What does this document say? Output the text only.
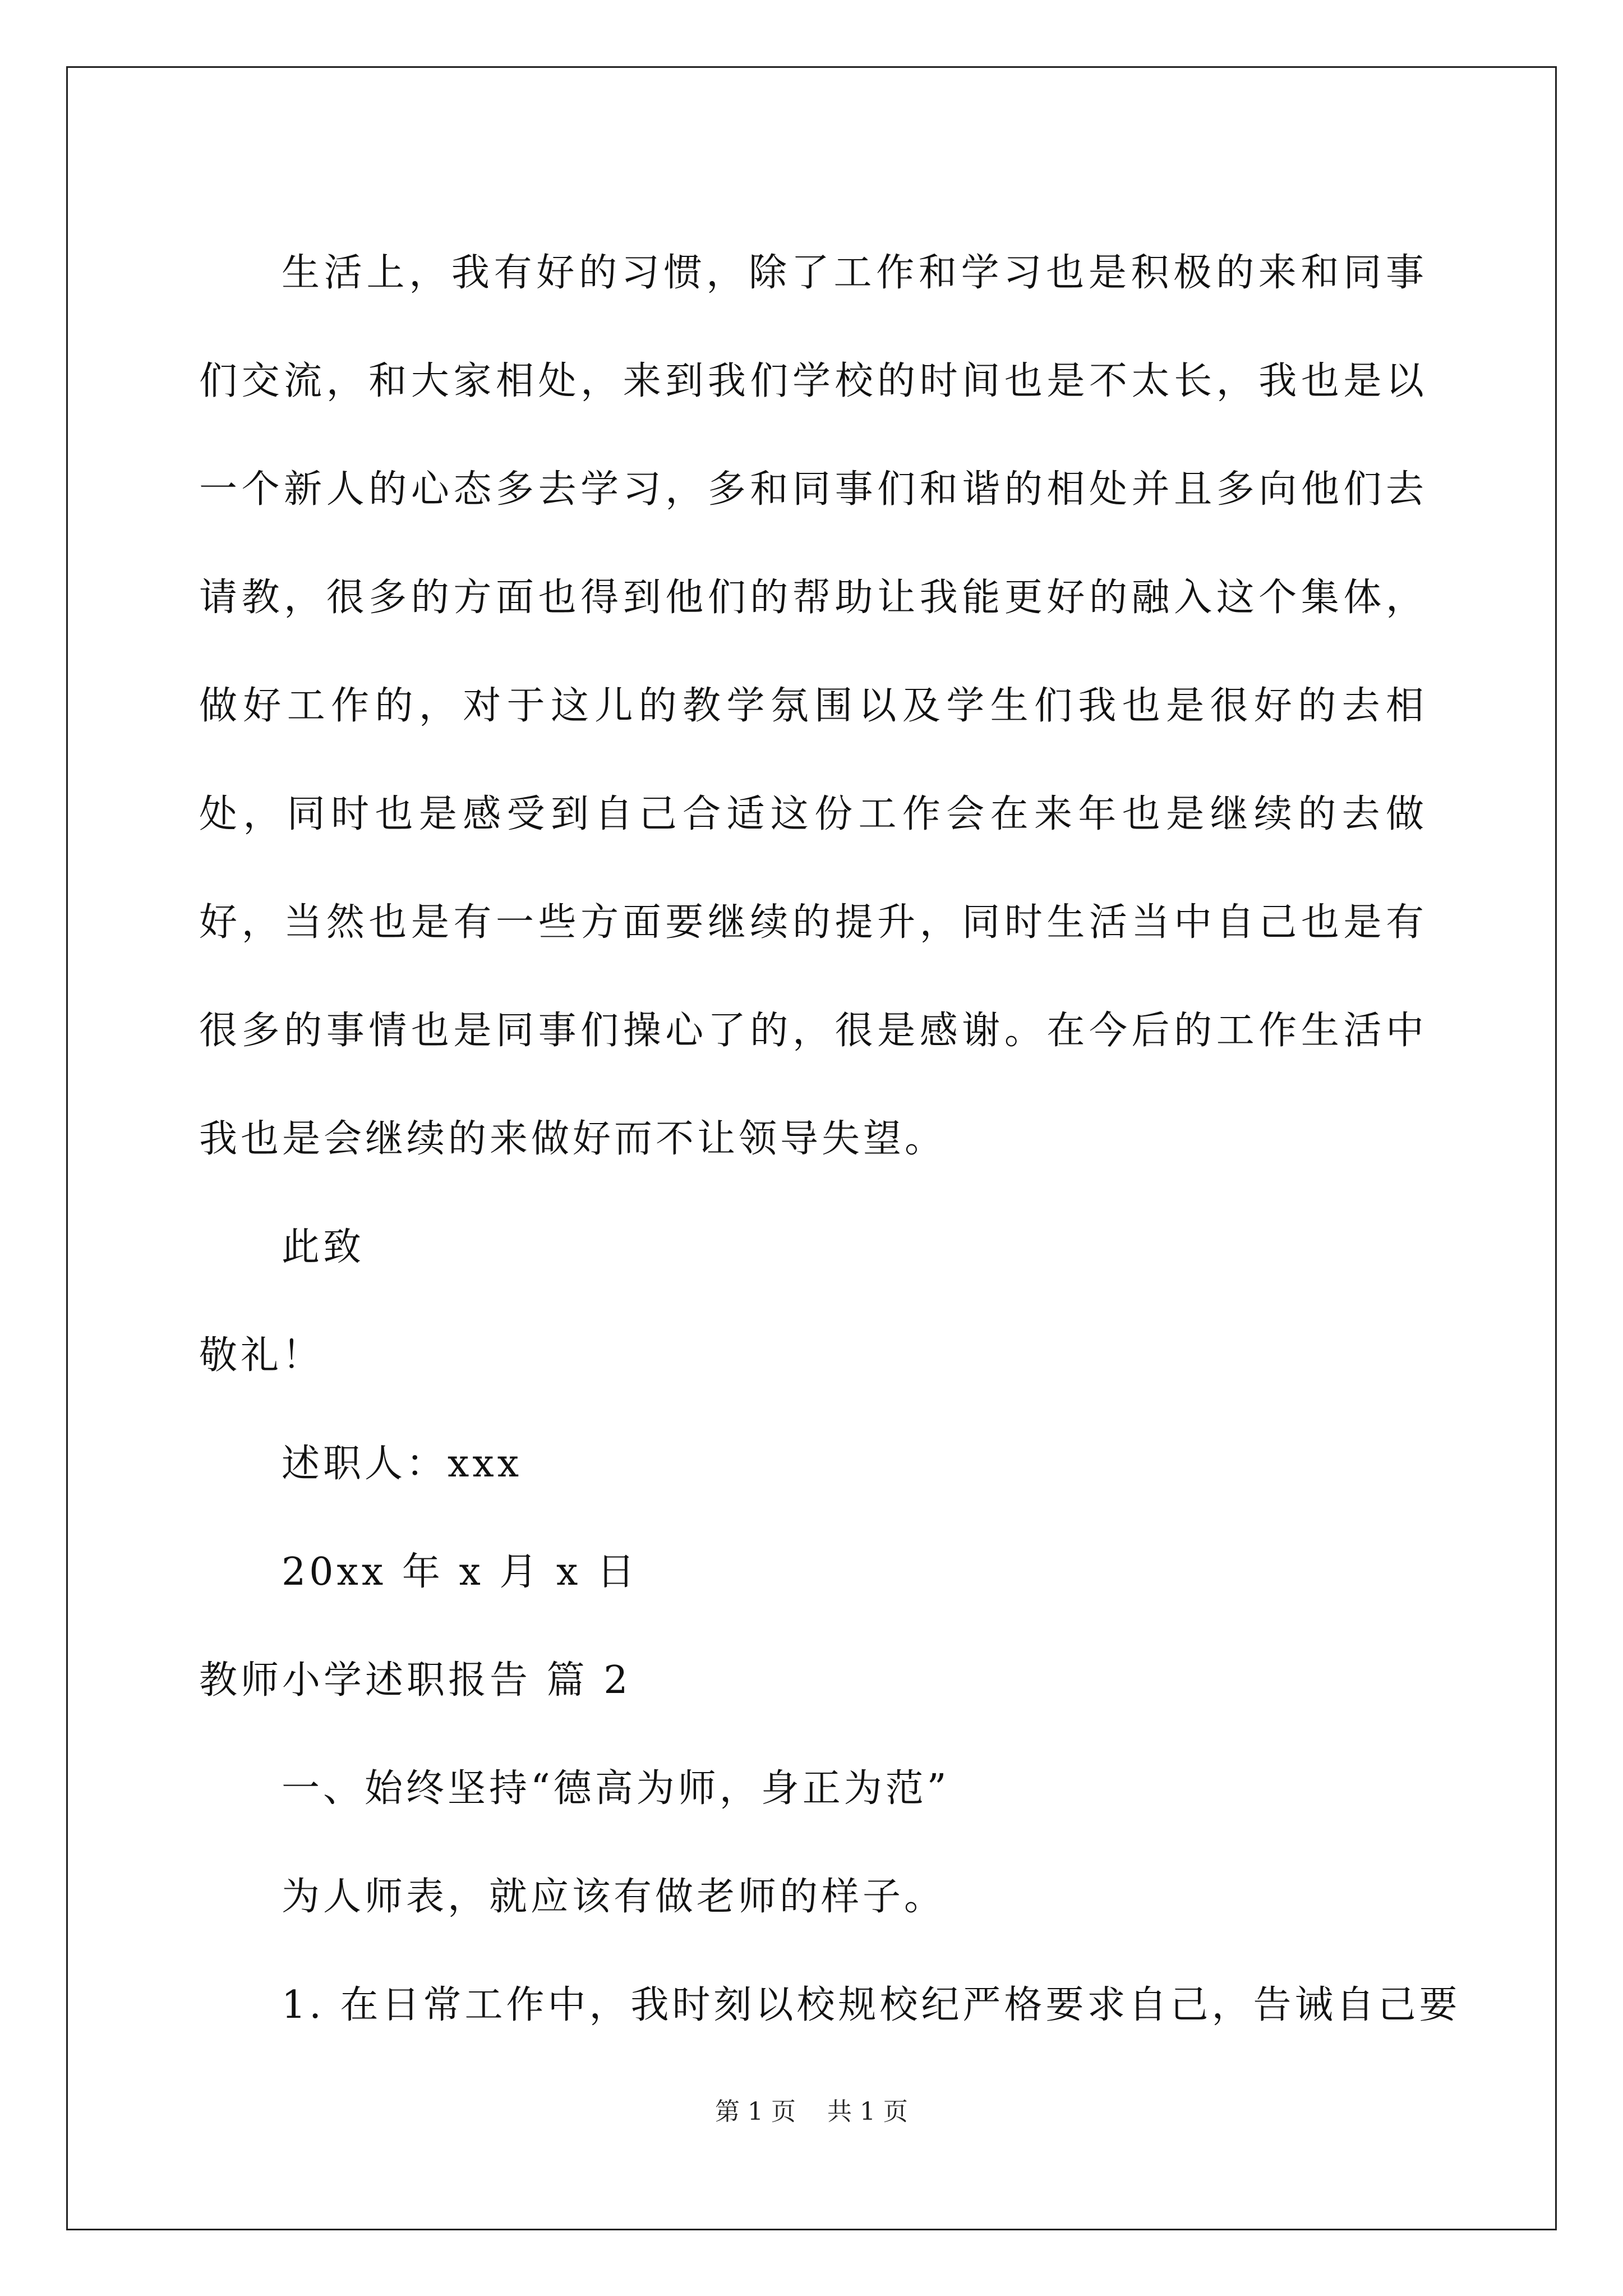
生活上，我有好的习惯，除了工作和学习也是积极的来和同事们交流，和大家相处，来到我们学校的时间也是不太长，我也是以一个新人的心态多去学习，多和同事们和谐的相处并且多向他们去请教，很多的方面也得到他们的帮助让我能更好的融入这个集体，做好工作的，对于这儿的教学氛围以及学生们我也是很好的去相处，同时也是感受到自己合适这份工作会在来年也是继续的去做好，当然也是有一些方面要继续的提升，同时生活当中自己也是有很多的事情也是同事们操心了的，很是感谢。在今后的工作生活中我也是会继续的来做好而不让领导失望。

此致

敬礼！

述职人：xxx

20xx 年 x 月 x 日

教师小学述职报告 篇 2

一、始终坚持“德高为师，身正为范”

为人师表，就应该有做老师的样子。

1. 在日常工作中，我时刻以校规校纪严格要求自己，告诫自己要

第 1 页    共 1 页
